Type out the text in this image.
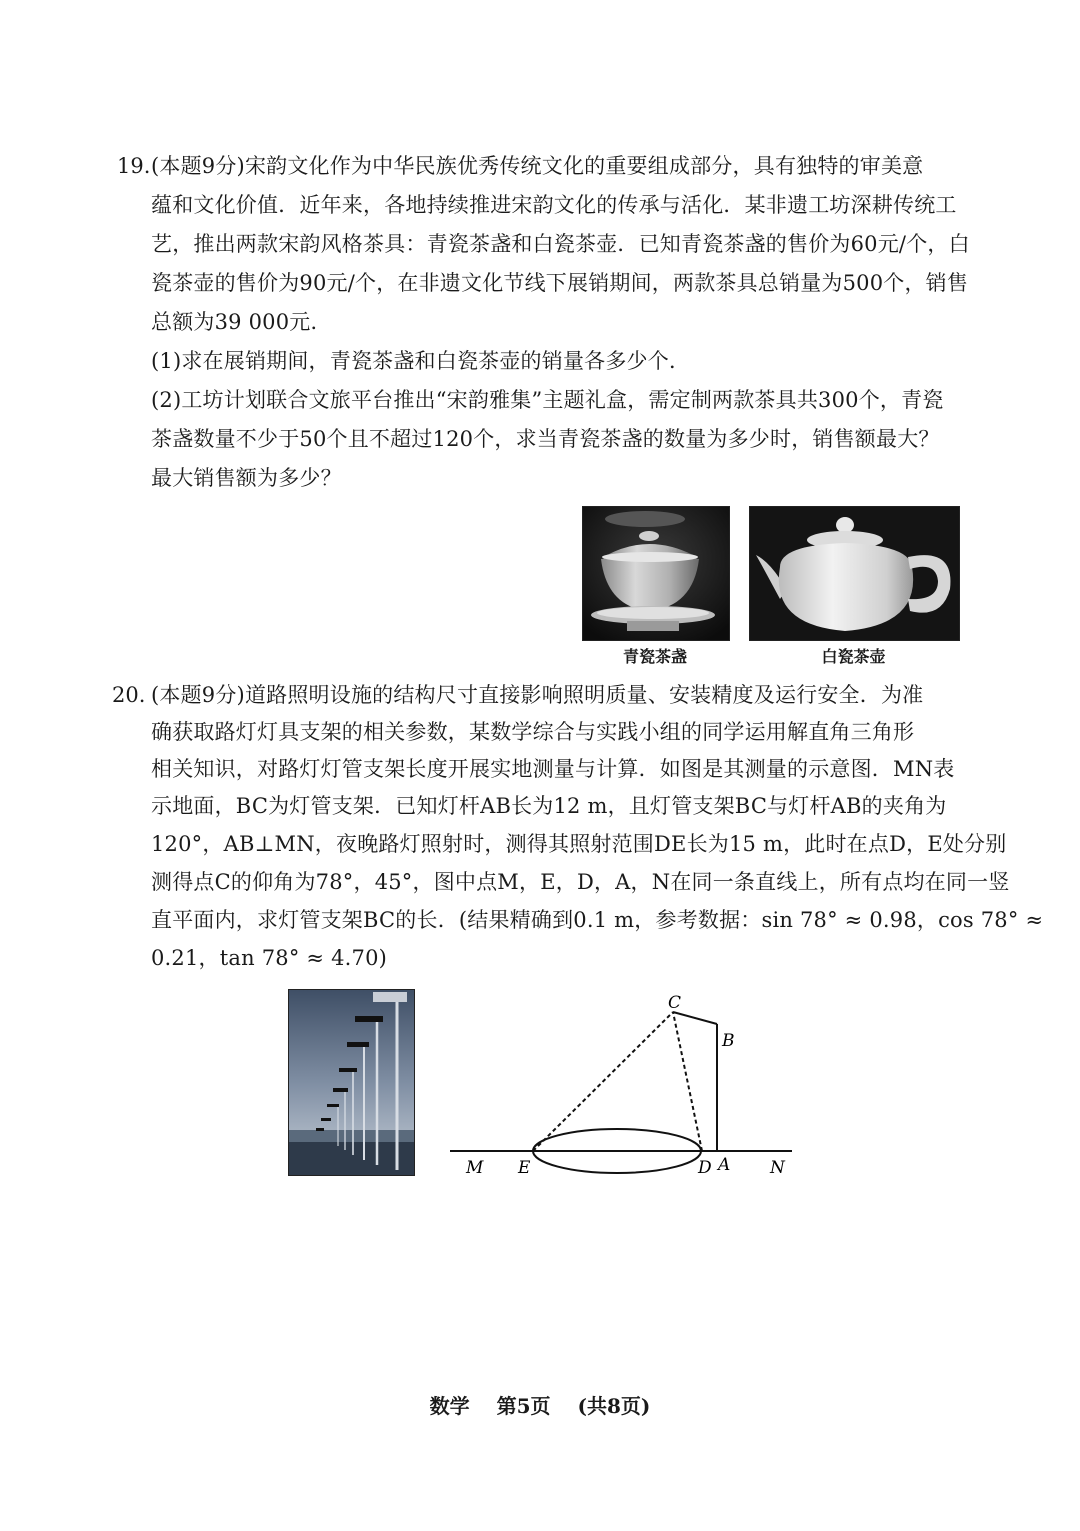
19. (本题9分)宋韵文化作为中华民族优秀传统文化的重要组成部分，具有独特的审美意
蕴和文化价值．近年来，各地持续推进宋韵文化的传承与活化．某非遗工坊深耕传统工
艺，推出两款宋韵风格茶具：青瓷茶盏和白瓷茶壶．已知青瓷茶盏的售价为60元/个，白
瓷茶壶的售价为90元/个，在非遗文化节线下展销期间，两款茶具总销量为500个，销售
总额为39 000元．
(1)求在展销期间，青瓷茶盏和白瓷茶壶的销量各多少个．
(2)工坊计划联合文旅平台推出“宋韵雅集”主题礼盒，需定制两款茶具共300个，青瓷
茶盏数量不少于50个且不超过120个，求当青瓷茶盏的数量为多少时，销售额最大？
最大销售额为多少？
青瓷茶盏	白瓷茶壶
20. (本题9分)道路照明设施的结构尺寸直接影响照明质量、安装精度及运行安全．为准
确获取路灯灯具支架的相关参数，某数学综合与实践小组的同学运用解直角三角形
相关知识，对路灯灯管支架长度开展实地测量与计算．如图是其测量的示意图．MN表
示地面，BC为灯管支架．已知灯杆AB长为12 m，且灯管支架BC与灯杆AB的夹角为
120°，AB⊥MN，夜晚路灯照射时，测得其照射范围DE长为15 m，此时在点D，E处分别
测得点C的仰角为78°，45°，图中点M，E，D，A，N在同一条直线上，所有点均在同一竖
直平面内，求灯管支架BC的长．(结果精确到0.1 m，参考数据：sin 78° ≈ 0.98，cos 78° ≈
0.21，tan 78° ≈ 4.70)
C
B
M E	D A N
数学 第5页 (共8页)
